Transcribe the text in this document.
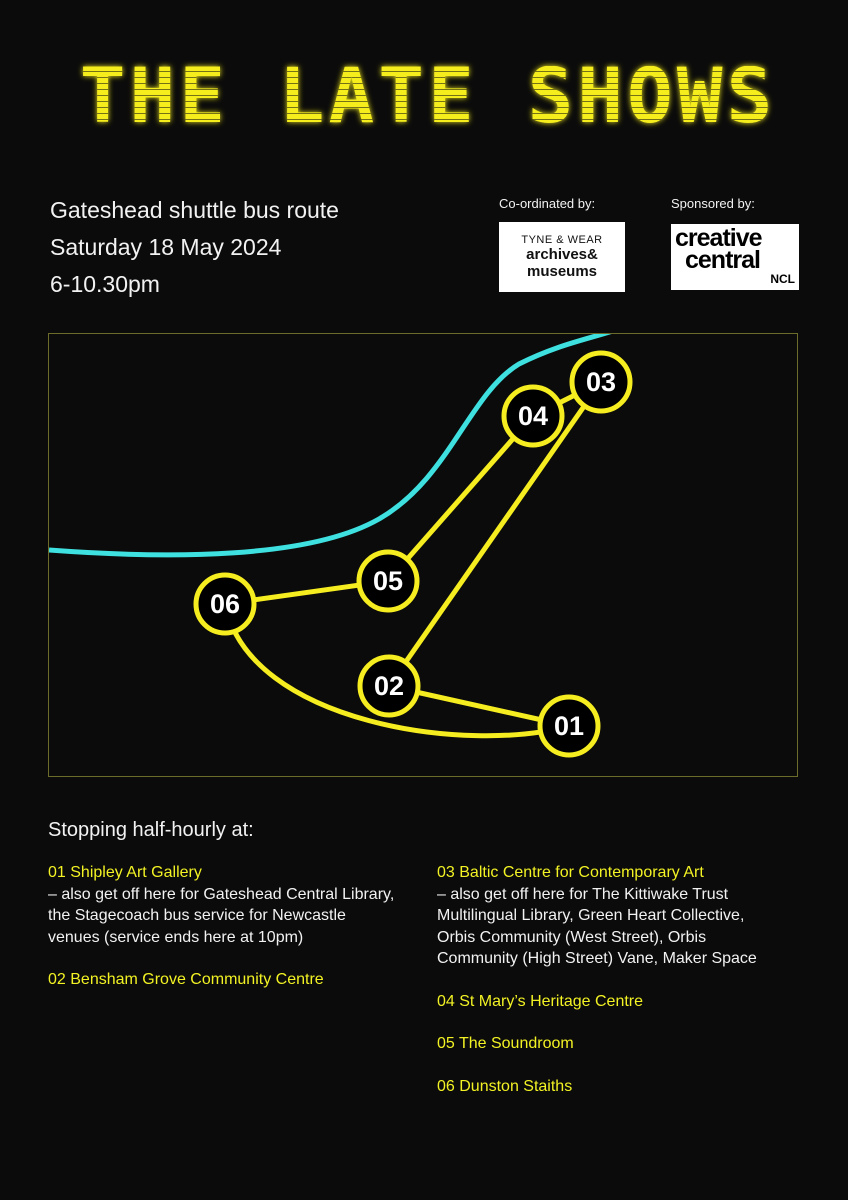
THE LATE SHOWS
Gateshead shuttle bus route
Saturday 18 May 2024
6-10.30pm
Co-ordinated by:
TYNE & WEAR
archives&
museums
Sponsored by:
creative
central
NCL
01
02
03
04
05
06
Stopping half-hourly at:
01 Shipley Art Gallery
– also get off here for Gateshead Central Library, the Stagecoach bus service for Newcastle venues (service ends here at 10pm)
02 Bensham Grove Community Centre
03 Baltic Centre for Contemporary Art
– also get off here for The Kittiwake Trust Multilingual Library, Green Heart Collective, Orbis Community (West Street), Orbis Community (High Street) Vane, Maker Space
04 St Mary’s Heritage Centre
05 The Soundroom
06 Dunston Staiths
